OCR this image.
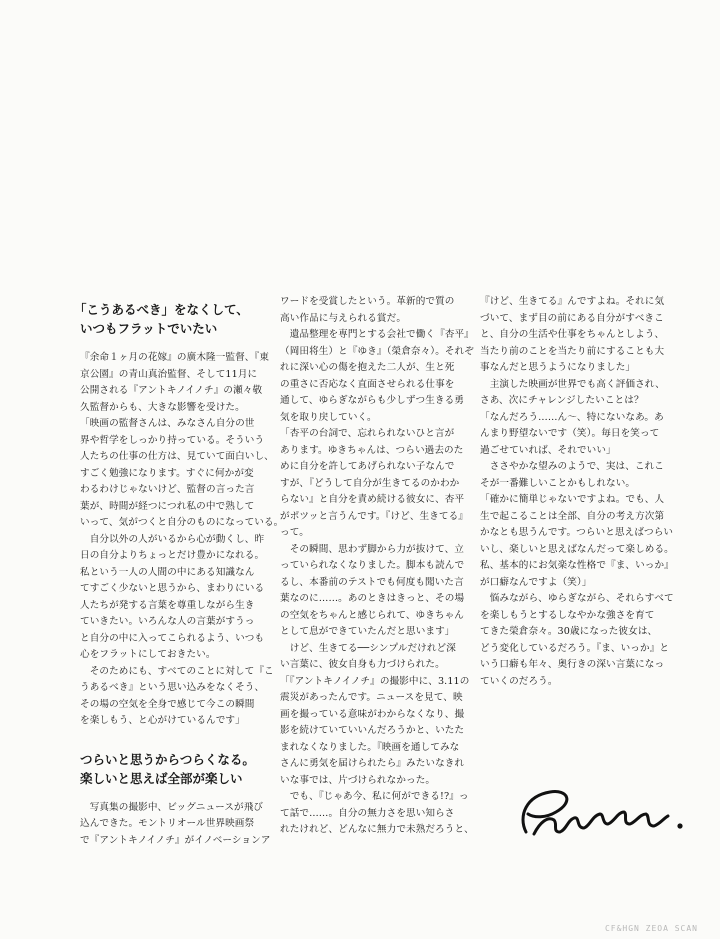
「こうあるべき」をなくして、
いつもフラットでいたい
『余命１ヶ月の花嫁』の廣木隆一監督、『東
京公園』の青山真治監督、そして11月に
公開される『アントキノイノチ』の瀬々敬
久監督からも、大きな影響を受けた。
「映画の監督さんは、みなさん自分の世
界や哲学をしっかり持っている。そういう
人たちの仕事の仕方は、見ていて面白いし、
すごく勉強になります。すぐに何かが変
わるわけじゃないけど、監督の言った言
葉が、時間が経つにつれ私の中で熟して
いって、気がつくと自分のものになっている。
　自分以外の人がいるから心が動くし、昨
日の自分よりちょっとだけ豊かになれる。
私という一人の人間の中にある知識なん
てすごく少ないと思うから、まわりにいる
人たちが発する言葉を尊重しながら生き
ていきたい。いろんな人の言葉がすうっ
と自分の中に入ってこられるよう、いつも
心をフラットにしておきたい。
　そのためにも、すべてのことに対して『こ
うあるべき』という思い込みをなくそう、
その場の空気を全身で感じて今この瞬間
を楽しもう、と心がけているんです」
つらいと思うからつらくなる。
楽しいと思えば全部が楽しい
　写真集の撮影中、ビッグニュースが飛び
込んできた。モントリオール世界映画祭
で『アントキノイノチ』がイノベーションア
ワードを受賞したという。革新的で質の
高い作品に与えられる賞だ。
　遺品整理を専門とする会社で働く『杏平』
（岡田将生）と『ゆき』（榮倉奈々）。それぞ
れに深い心の傷を抱えた二人が、生と死
の重さに否応なく直面させられる仕事を
通して、ゆらぎながらも少しずつ生きる勇
気を取り戻していく。
「杏平の台詞で、忘れられないひと言が
あります。ゆきちゃんは、つらい過去のた
めに自分を許してあげられない子なんで
すが、『どうして自分が生きてるのかわか
らない』と自分を責め続ける彼女に、杏平
がポツッと言うんです。『けど、生きてる』
って。
　その瞬間、思わず脚から力が抜けて、立
っていられなくなりました。脚本も読んで
るし、本番前のテストでも何度も聞いた言
葉なのに……。あのときはきっと、その場
の空気をちゃんと感じられて、ゆきちゃん
として息ができていたんだと思います」
　けど、生きてる──シンプルだけれど深
い言葉に、彼女自身も力づけられた。
「『アントキノイノチ』の撮影中に、3.11の
震災があったんです。ニュースを見て、映
画を撮っている意味がわからなくなり、撮
影を続けていていいんだろうかと、いたた
まれなくなりました。『映画を通してみな
さんに勇気を届けられたら』みたいなきれ
いな事では、片づけられなかった。
　でも、『じゃあ今、私に何ができる!?』っ
て話で……。自分の無力さを思い知らさ
れたけれど、どんなに無力で未熟だろうと、
『けど、生きてる』んですよね。それに気
づいて、まず目の前にある自分がすべきこ
と、自分の生活や仕事をちゃんとしよう、
当たり前のことを当たり前にすることも大
事なんだと思うようになりました」
　主演した映画が世界でも高く評価され、
さあ、次にチャレンジしたいことは？
「なんだろう……ん〜、特にないなあ。あ
んまり野望ないです（笑）。毎日を笑って
過ごせていれば、それでいい」
　ささやかな望みのようで、実は、これこ
そが一番難しいことかもしれない。
「確かに簡単じゃないですよね。でも、人
生で起こることは全部、自分の考え方次第
かなとも思うんです。つらいと思えばつらい
いし、楽しいと思えばなんだって楽しめる。
私、基本的にお気楽な性格で『ま、いっか』
が口癖なんですよ（笑）」
　悩みながら、ゆらぎながら、それらすべて
を楽しもうとするしなやかな強さを育て
てきた榮倉奈々。30歳になった彼女は、
どう変化しているだろう。『ま、いっか』と
いう口癖も年々、奥行きの深い言葉になっ
ていくのだろう。
CF&HGN ZEOA SCAN
